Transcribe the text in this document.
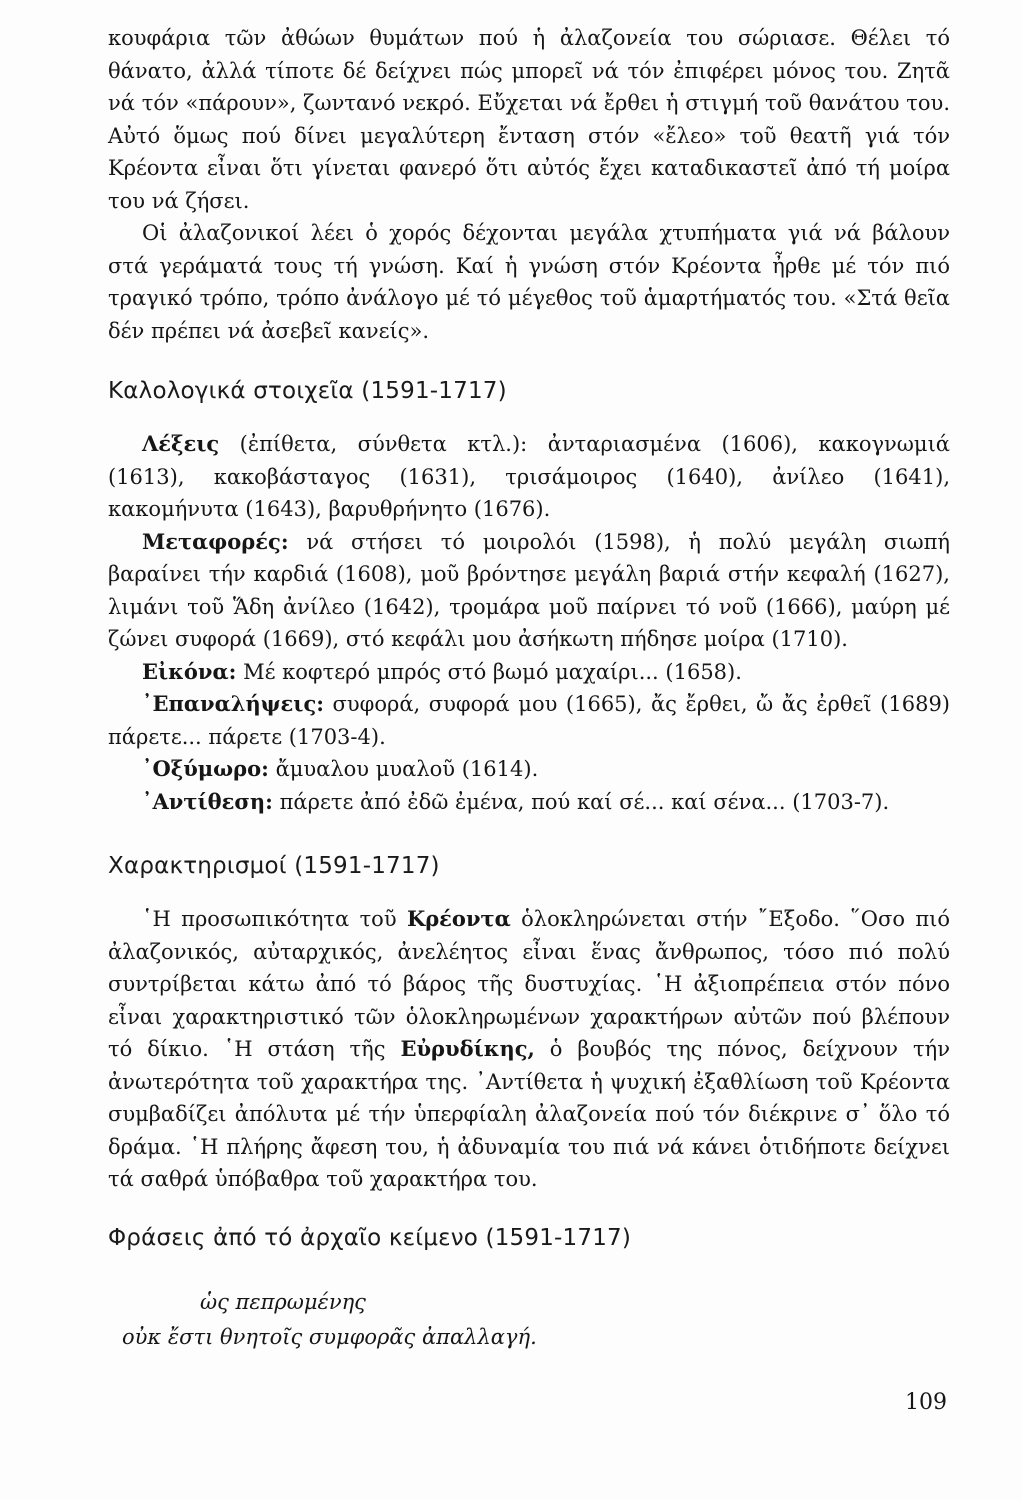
κουφάρια τῶν ἀθώων θυμάτων πού ἡ ἀλαζονεία του σώριασε. Θέλει τό θάνατο, ἀλλά τίποτε δέ δείχνει πώς μπορεῖ νά τόν ἐπιφέρει μόνος του. Ζητᾶ νά τόν «πάρουν», ζωντανό νεκρό. Εὔχεται νά ἔρθει ἡ στιγμή τοῦ θανάτου του. Αὐτό ὅμως πού δίνει μεγαλύτερη ἔνταση στόν «ἔλεο» τοῦ θεατῆ γιά τόν Κρέοντα εἶναι ὅτι γίνεται φανερό ὅτι αὐτός ἔχει καταδικαστεῖ ἀπό τή μοίρα του νά ζήσει.

Οἱ ἀλαζονικοί λέει ὁ χορός δέχονται μεγάλα χτυπήματα γιά νά βάλουν στά γεράματά τους τή γνώση. Καί ἡ γνώση στόν Κρέοντα ἦρθε μέ τόν πιό τραγικό τρόπο, τρόπο ἀνάλογο μέ τό μέγεθος τοῦ ἁμαρτήματός του. «Στά θεῖα δέν πρέπει νά ἀσεβεῖ κανείς».

Καλολογικά στοιχεῖα (1591-1717)

Λέξεις (ἐπίθετα, σύνθετα κτλ.): ἀνταριασμένα (1606), κακογνωμιά (1613), κακοβάσταγος (1631), τρισάμοιρος (1640), ἀνίλεο (1641), κακομήνυτα (1643), βαρυθρήνητο (1676).

Μεταφορές: νά στήσει τό μοιρολόι (1598), ἡ πολύ μεγάλη σιωπή βαραίνει τήν καρδιά (1608), μοῦ βρόντησε μεγάλη βαριά στήν κεφαλή (1627), λιμάνι τοῦ Ἅδη ἀνίλεο (1642), τρομάρα μοῦ παίρνει τό νοῦ (1666), μαύρη μέ ζώνει συφορά (1669), στό κεφάλι μου ἀσήκωτη πήδησε μοίρα (1710).

Εἰκόνα: Μέ κοφτερό μπρός στό βωμό μαχαίρι... (1658).

᾿Επαναλήψεις: συφορά, συφορά μου (1665), ἄς ἔρθει, ὤ ἄς ἐρθεῖ (1689) πάρετε... πάρετε (1703-4).

᾿Οξύμωρο: ἄμυαλου μυαλοῦ (1614).

᾿Αντίθεση: πάρετε ἀπό ἐδῶ ἐμένα, πού καί σέ... καί σένα... (1703-7).

Χαρακτηρισμοί (1591-1717)

῾Η προσωπικότητα τοῦ Κρέοντα ὁλοκληρώνεται στήν ῎Εξοδο. ῞Οσο πιό ἀλαζονικός, αὐταρχικός, ἀνελέητος εἶναι ἕνας ἄνθρωπος, τόσο πιό πολύ συντρίβεται κάτω ἀπό τό βάρος τῆς δυστυχίας. ῾Η ἀξιοπρέπεια στόν πόνο εἶναι χαρακτηριστικό τῶν ὁλοκληρωμένων χαρακτήρων αὐτῶν πού βλέπουν τό δίκιο. ῾Η στάση τῆς Εὐρυδίκης, ὁ βουβός της πόνος, δείχνουν τήν ἀνωτερότητα τοῦ χαρακτήρα της. ᾿Αντίθετα ἡ ψυχική ἐξαθλίωση τοῦ Κρέοντα συμβαδίζει ἀπόλυτα μέ τήν ὑπερφίαλη ἀλαζονεία πού τόν διέκρινε σ᾿ ὅλο τό δράμα. ῾Η πλήρης ἄφεση του, ἡ ἀδυναμία του πιά νά κάνει ὁτιδήποτε δείχνει τά σαθρά ὑπόβαθρα τοῦ χαρακτήρα του.

Φράσεις ἀπό τό ἀρχαῖο κείμενο (1591-1717)
ὡς πεπρωμένης
οὐκ ἔστι θνητοῖς συμφορᾶς ἀπαλλαγή.
109
